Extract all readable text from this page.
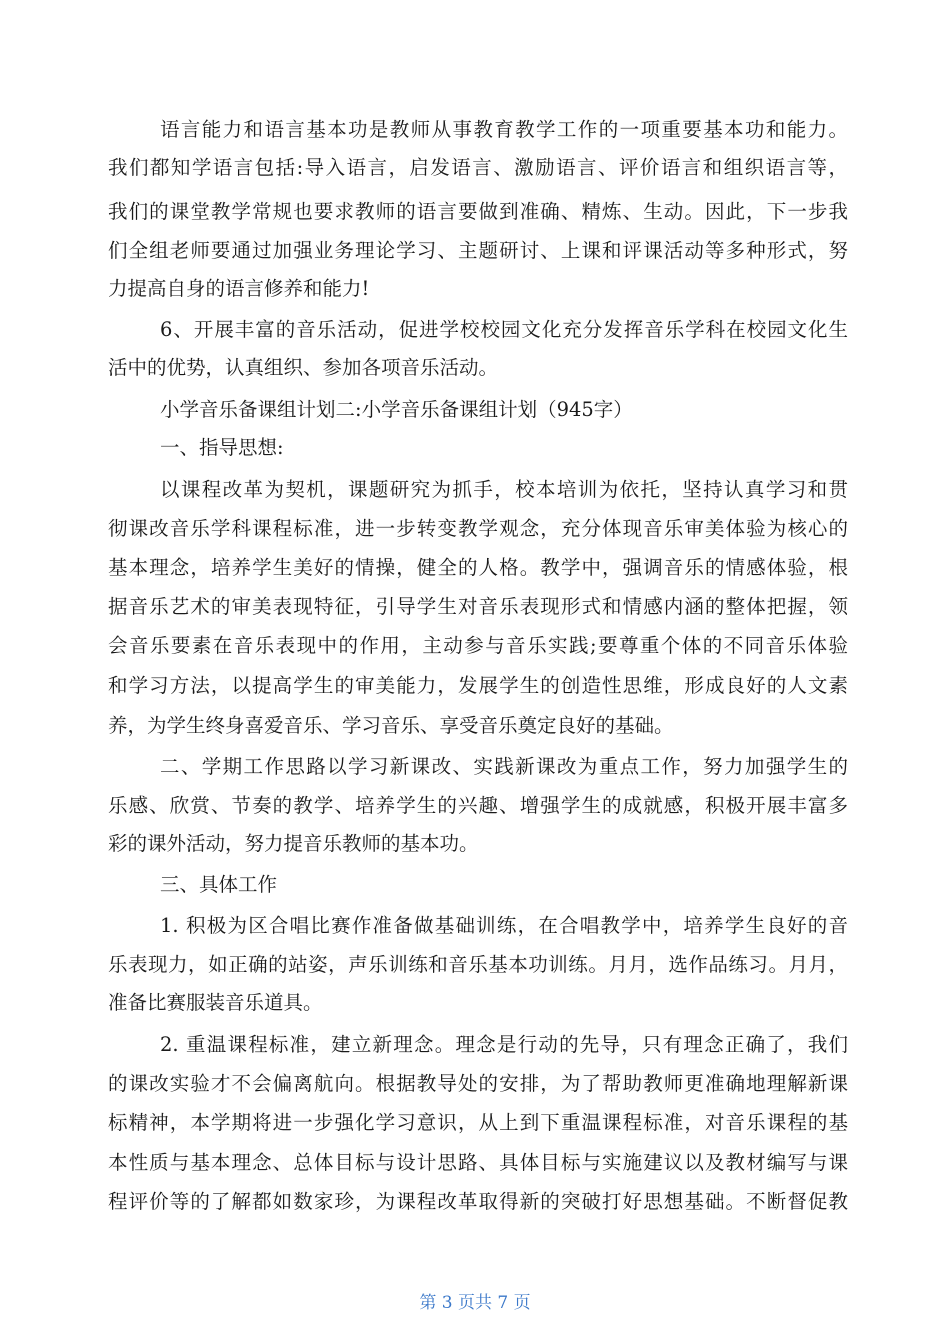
语言能力和语言基本功是教师从事教育教学工作的一项重要基本功和能力。
我们都知学语言包括:导入语言，启发语言、激励语言、评价语言和组织语言等，
我们的课堂教学常规也要求教师的语言要做到准确、精炼、生动。因此，下一步我
们全组老师要通过加强业务理论学习、主题研讨、上课和评课活动等多种形式，努
力提高自身的语言修养和能力!
6、开展丰富的音乐活动，促进学校校园文化充分发挥音乐学科在校园文化生
活中的优势，认真组织、参加各项音乐活动。
小学音乐备课组计划二:小学音乐备课组计划（945字）
一、指导思想:
以课程改革为契机，课题研究为抓手，校本培训为依托，坚持认真学习和贯
彻课改音乐学科课程标准，进一步转变教学观念，充分体现音乐审美体验为核心的
基本理念，培养学生美好的情操，健全的人格。教学中，强调音乐的情感体验，根
据音乐艺术的审美表现特征，引导学生对音乐表现形式和情感内涵的整体把握，领
会音乐要素在音乐表现中的作用，主动参与音乐实践;要尊重个体的不同音乐体验
和学习方法，以提高学生的审美能力，发展学生的创造性思维，形成良好的人文素
养，为学生终身喜爱音乐、学习音乐、享受音乐奠定良好的基础。
二、学期工作思路以学习新课改、实践新课改为重点工作，努力加强学生的
乐感、欣赏、节奏的教学、培养学生的兴趣、增强学生的成就感，积极开展丰富多
彩的课外活动，努力提音乐教师的基本功。
三、具体工作
1. 积极为区合唱比赛作准备做基础训练，在合唱教学中，培养学生良好的音
乐表现力，如正确的站姿，声乐训练和音乐基本功训练。月月，选作品练习。月月，
准备比赛服装音乐道具。
2. 重温课程标准，建立新理念。理念是行动的先导，只有理念正确了，我们
的课改实验才不会偏离航向。根据教导处的安排，为了帮助教师更准确地理解新课
标精神，本学期将进一步强化学习意识，从上到下重温课程标准，对音乐课程的基
本性质与基本理念、总体目标与设计思路、具体目标与实施建议以及教材编写与课
程评价等的了解都如数家珍，为课程改革取得新的突破打好思想基础。不断督促教
第 3 页共 7 页
